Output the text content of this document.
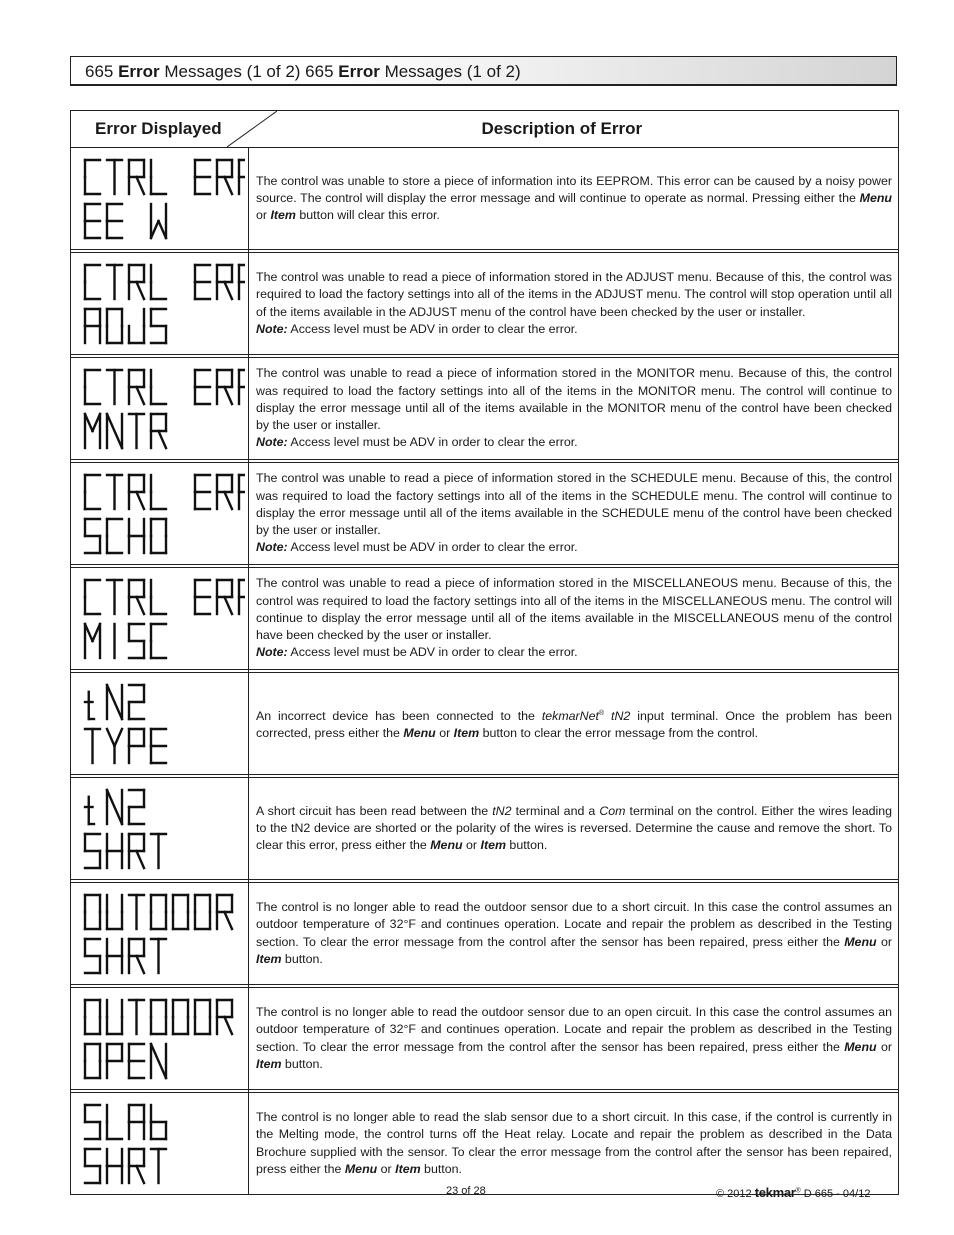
665 Error Messages (1 of 2) 665 Error Messages (1 of 2)
Error Displayed	Description of Error

	The control was unable to store a piece of information into its EEPROM. This error can be caused by a noisy power source. The control will display the error message and will continue to operate as normal. Pressing either the Menu or Item button will clear this error.

	The control was unable to read a piece of information stored in the ADJUST menu. Because of this, the control was required to load the factory settings into all of the items in the ADJUST menu. The control will stop operation until all of the items available in the ADJUST menu of the control have been checked by the user or installer.
Note: Access level must be ADV in order to clear the error.

	The control was unable to read a piece of information stored in the MONITOR menu. Because of this, the control was required to load the factory settings into all of the items in the MONITOR menu. The control will continue to display the error message until all of the items available in the MONITOR menu of the control have been checked by the user or installer.
Note: Access level must be ADV in order to clear the error.

	The control was unable to read a piece of information stored in the SCHEDULE menu. Because of this, the control was required to load the factory settings into all of the items in the SCHEDULE menu. The control will continue to display the error message until all of the items available in the SCHEDULE menu of the control have been checked by the user or installer.
Note: Access level must be ADV in order to clear the error.

	The control was unable to read a piece of information stored in the MISCELLANEOUS menu. Because of this, the control was required to load the factory settings into all of the items in the MISCELLANEOUS menu. The control will continue to display the error message until all of the items available in the MISCELLANEOUS menu of the control have been checked by the user or installer.
Note: Access level must be ADV in order to clear the error.

	An incorrect device has been connected to the tekmarNet® tN2 input terminal. Once the problem has been corrected, press either the Menu or Item button to clear the error message from the control.

	A short circuit has been read between the tN2 terminal and a Com terminal on the control. Either the wires leading to the tN2 device are shorted or the polarity of the wires is reversed. Determine the cause and remove the short. To clear this error, press either the Menu or Item button.

	The control is no longer able to read the outdoor sensor due to a short circuit. In this case the control assumes an outdoor temperature of 32°F and continues operation. Locate and repair the problem as described in the Testing section. To clear the error message from the control after the sensor has been repaired, press either the Menu or Item button.

	The control is no longer able to read the outdoor sensor due to an open circuit. In this case the control assumes an outdoor temperature of 32°F and continues operation. Locate and repair the problem as described in the Testing section. To clear the error message from the control after the sensor has been repaired, press either the Menu or Item button.

	The control is no longer able to read the slab sensor due to a short circuit. In this case, if the control is currently in the Melting mode, the control turns off the Heat relay. Locate and repair the problem as described in the Data Brochure supplied with the sensor. To clear the error message from the control after the sensor has been repaired, press either the Menu or Item button.
23 of 28	© 2012 tekmar® D 665 - 04/12
